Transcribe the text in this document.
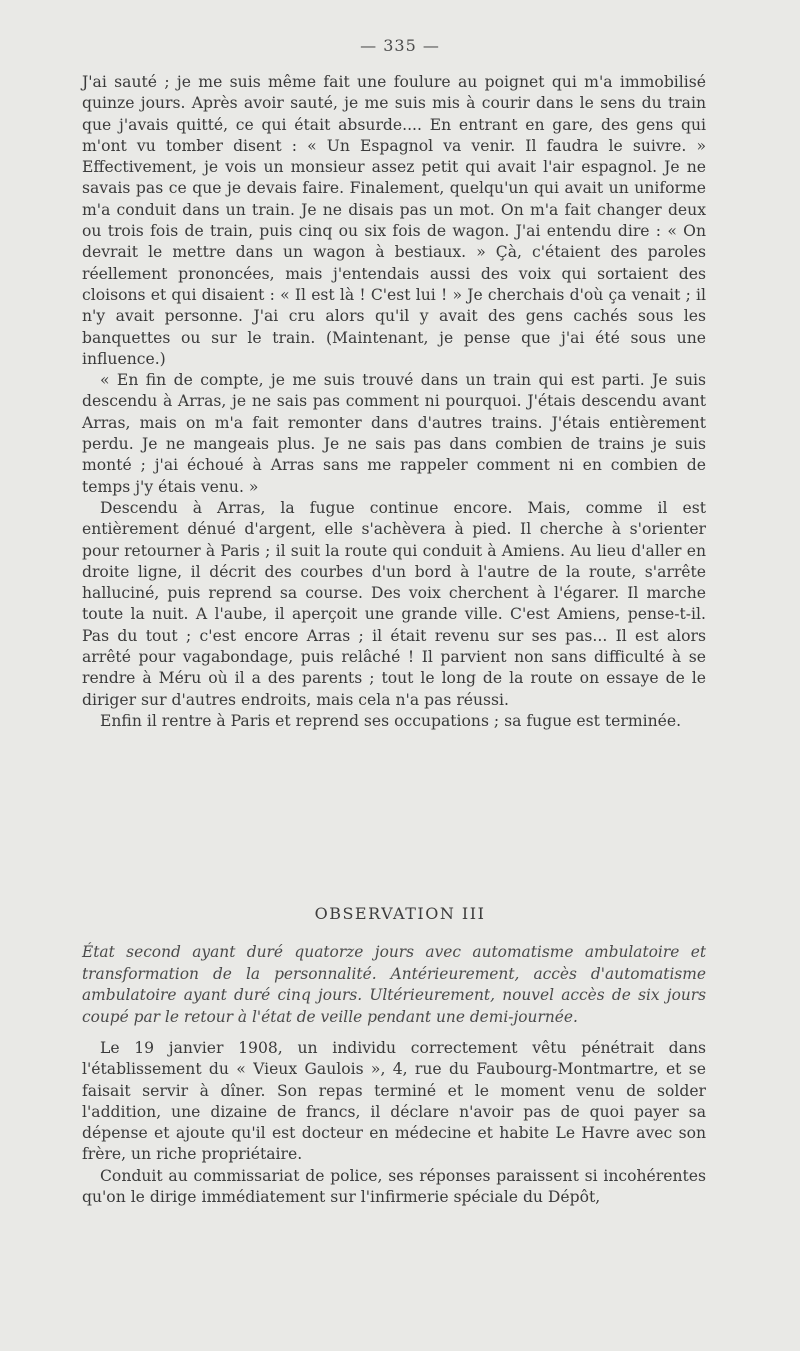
— 335 —

J'ai sauté ; je me suis même fait une foulure au poignet qui m'a immobilisé quinze jours. Après avoir sauté, je me suis mis à courir dans le sens du train que j'avais quitté, ce qui était absurde.... En entrant en gare, des gens qui m'ont vu tomber disent : « Un Espagnol va venir. Il faudra le suivre. » Effectivement, je vois un monsieur assez petit qui avait l'air espagnol. Je ne savais pas ce que je devais faire. Finalement, quelqu'un qui avait un uniforme m'a conduit dans un train. Je ne disais pas un mot. On m'a fait changer deux ou trois fois de train, puis cinq ou six fois de wagon. J'ai entendu dire : « On devrait le mettre dans un wagon à bestiaux. » Çà, c'étaient des paroles réellement prononcées, mais j'entendais aussi des voix qui sortaient des cloisons et qui disaient : « Il est là ! C'est lui ! » Je cherchais d'où ça venait ; il n'y avait personne. J'ai cru alors qu'il y avait des gens cachés sous les banquettes ou sur le train. (Maintenant, je pense que j'ai été sous une influence.)

« En fin de compte, je me suis trouvé dans un train qui est parti. Je suis descendu à Arras, je ne sais pas comment ni pourquoi. J'étais descendu avant Arras, mais on m'a fait remonter dans d'autres trains. J'étais entièrement perdu. Je ne mangeais plus. Je ne sais pas dans combien de trains je suis monté ; j'ai échoué à Arras sans me rappeler comment ni en combien de temps j'y étais venu. »

Descendu à Arras, la fugue continue encore. Mais, comme il est entièrement dénué d'argent, elle s'achèvera à pied. Il cherche à s'orienter pour retourner à Paris ; il suit la route qui conduit à Amiens. Au lieu d'aller en droite ligne, il décrit des courbes d'un bord à l'autre de la route, s'arrête halluciné, puis reprend sa course. Des voix cherchent à l'égarer. Il marche toute la nuit. A l'aube, il aperçoit une grande ville. C'est Amiens, pense-t-il. Pas du tout ; c'est encore Arras ; il était revenu sur ses pas... Il est alors arrêté pour vagabondage, puis relâché ! Il parvient non sans difficulté à se rendre à Méru où il a des parents ; tout le long de la route on essaye de le diriger sur d'autres endroits, mais cela n'a pas réussi.

Enfin il rentre à Paris et reprend ses occupations ; sa fugue est terminée.

OBSERVATION III
État second ayant duré quatorze jours avec automatisme ambulatoire et transformation de la personnalité. Antérieurement, accès d'automatisme ambulatoire ayant duré cinq jours. Ultérieurement, nouvel accès de six jours coupé par le retour à l'état de veille pendant une demi-journée.

Le 19 janvier 1908, un individu correctement vêtu pénétrait dans l'établissement du « Vieux Gaulois », 4, rue du Faubourg-Montmartre, et se faisait servir à dîner. Son repas terminé et le moment venu de solder l'addition, une dizaine de francs, il déclare n'avoir pas de quoi payer sa dépense et ajoute qu'il est docteur en médecine et habite Le Havre avec son frère, un riche propriétaire.

Conduit au commissariat de police, ses réponses paraissent si incohérentes qu'on le dirige immédiatement sur l'infirmerie spéciale du Dépôt,
